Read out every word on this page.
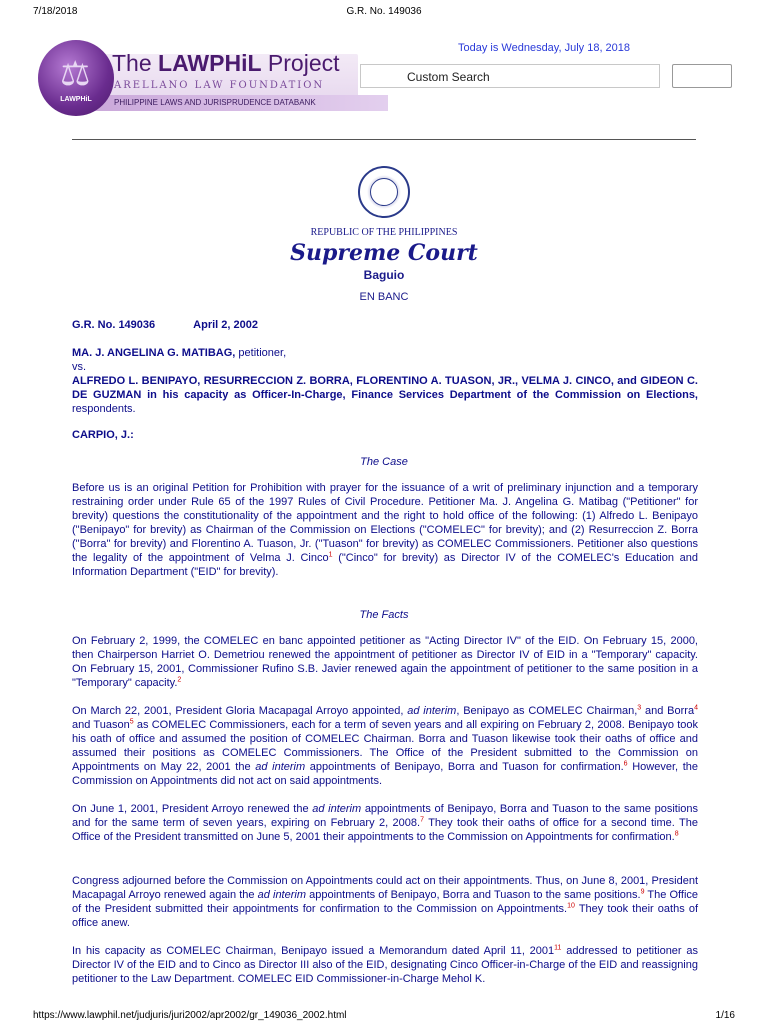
7/18/2018	G.R. No. 149036
⚖
LAWPHiL
The LAWPHiL Project
ARELLANO LAW FOUNDATION
PHILIPPINE LAWS AND JURISPRUDENCE DATABANK
Today is Wednesday, July 18, 2018
Custom Search
REPUBLIC OF THE PHILIPPINES
Supreme Court
Baguio
EN BANC

G.R. No. 149036	April 2, 2002

MA. J. ANGELINA G. MATIBAG, petitioner,

vs.

ALFREDO L. BENIPAYO, RESURRECCION Z. BORRA, FLORENTINO A. TUASON, JR., VELMA J. CINCO, and GIDEON C. DE GUZMAN in his capacity as Officer-In-Charge, Finance Services Department of the Commission on Elections, respondents.

CARPIO, J.:
The Case

Before us is an original Petition for Prohibition with prayer for the issuance of a writ of preliminary injunction and a temporary restraining order under Rule 65 of the 1997 Rules of Civil Procedure. Petitioner Ma. J. Angelina G. Matibag ("Petitioner" for brevity) questions the constitutionality of the appointment and the right to hold office of the following: (1) Alfredo L. Benipayo ("Benipayo" for brevity) as Chairman of the Commission on Elections ("COMELEC" for brevity); and (2) Resurreccion Z. Borra ("Borra" for brevity) and Florentino A. Tuason, Jr. ("Tuason" for brevity) as COMELEC Commissioners. Petitioner also questions the legality of the appointment of Velma J. Cinco$^1$ ("Cinco" for brevity) as Director IV of the COMELEC's Education and Information Department ("EID" for brevity).

The Facts

On February 2, 1999, the COMELEC en banc appointed petitioner as "Acting Director IV" of the EID. On February 15, 2000, then Chairperson Harriet O. Demetriou renewed the appointment of petitioner as Director IV of EID in a "Temporary" capacity. On February 15, 2001, Commissioner Rufino S.B. Javier renewed again the appointment of petitioner to the same position in a "Temporary" capacity.$^2$

On March 22, 2001, President Gloria Macapagal Arroyo appointed, ad interim, Benipayo as COMELEC Chairman,$^3$ and Borra$^4$ and Tuason$^5$ as COMELEC Commissioners, each for a term of seven years and all expiring on February 2, 2008. Benipayo took his oath of office and assumed the position of COMELEC Chairman. Borra and Tuason likewise took their oaths of office and assumed their positions as COMELEC Commissioners. The Office of the President submitted to the Commission on Appointments on May 22, 2001 the ad interim appointments of Benipayo, Borra and Tuason for confirmation.$^6$ However, the Commission on Appointments did not act on said appointments.

On June 1, 2001, President Arroyo renewed the ad interim appointments of Benipayo, Borra and Tuason to the same positions and for the same term of seven years, expiring on February 2, 2008.$^7$ They took their oaths of office for a second time. The Office of the President transmitted on June 5, 2001 their appointments to the Commission on Appointments for confirmation.$^8$

Congress adjourned before the Commission on Appointments could act on their appointments. Thus, on June 8, 2001, President Macapagal Arroyo renewed again the ad interim appointments of Benipayo, Borra and Tuason to the same positions.$^9$ The Office of the President submitted their appointments for confirmation to the Commission on Appointments.$^{10}$ They took their oaths of office anew.

In his capacity as COMELEC Chairman, Benipayo issued a Memorandum dated April 11, 2001$^{11}$ addressed to petitioner as Director IV of the EID and to Cinco as Director III also of the EID, designating Cinco Officer-in-Charge of the EID and reassigning petitioner to the Law Department. COMELEC EID Commissioner-in-Charge Mehol K.

https://www.lawphil.net/judjuris/juri2002/apr2002/gr_149036_2002.html	1/16
